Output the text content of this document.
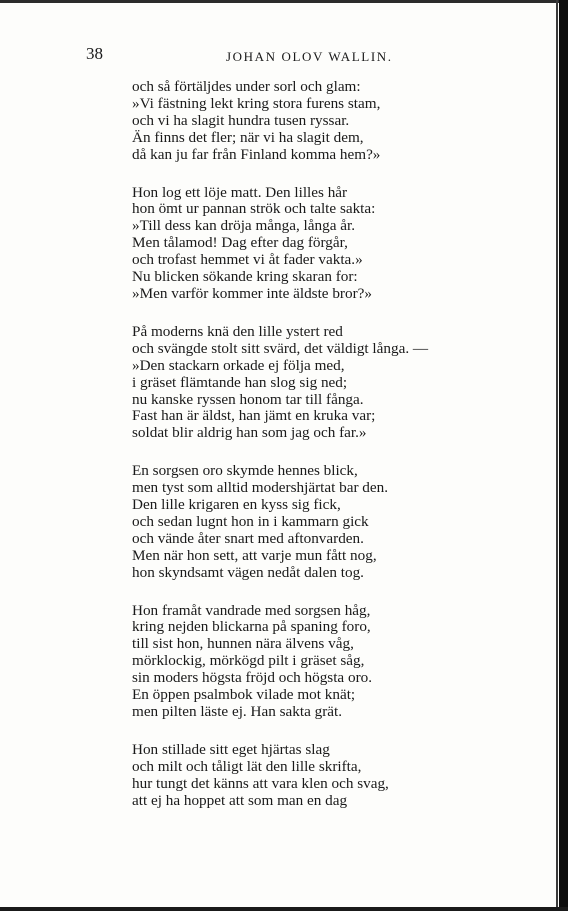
38	JOHAN OLOV WALLIN.
och så förtäljdes under sorl och glam:
»Vi fästning lekt kring stora furens stam,
och vi ha slagit hundra tusen ryssar.
Än finns det fler; när vi ha slagit dem,
då kan ju far från Finland komma hem?»
Hon log ett löje matt. Den lilles hår
hon ömt ur pannan strök och talte sakta:
»Till dess kan dröja många, långa år.
Men tålamod! Dag efter dag förgår,
och trofast hemmet vi åt fader vakta.»
Nu blicken sökande kring skaran for:
»Men varför kommer inte äldste bror?»
På moderns knä den lille ystert red
och svängde stolt sitt svärd, det väldigt långa. —
»Den stackarn orkade ej följa med,
i gräset flämtande han slog sig ned;
nu kanske ryssen honom tar till fånga.
Fast han är äldst, han jämt en kruka var;
soldat blir aldrig han som jag och far.»
En sorgsen oro skymde hennes blick,
men tyst som alltid modershjärtat bar den.
Den lille krigaren en kyss sig fick,
och sedan lugnt hon in i kammarn gick
och vände åter snart med aftonvarden.
Men när hon sett, att varje mun fått nog,
hon skyndsamt vägen nedåt dalen tog.
Hon framåt vandrade med sorgsen håg,
kring nejden blickarna på spaning foro,
till sist hon, hunnen nära älvens våg,
mörklockig, mörkögd pilt i gräset såg,
sin moders högsta fröjd och högsta oro.
En öppen psalmbok vilade mot knät;
men pilten läste ej. Han sakta grät.
Hon stillade sitt eget hjärtas slag
och milt och tåligt lät den lille skrifta,
hur tungt det känns att vara klen och svag,
att ej ha hoppet att som man en dag
